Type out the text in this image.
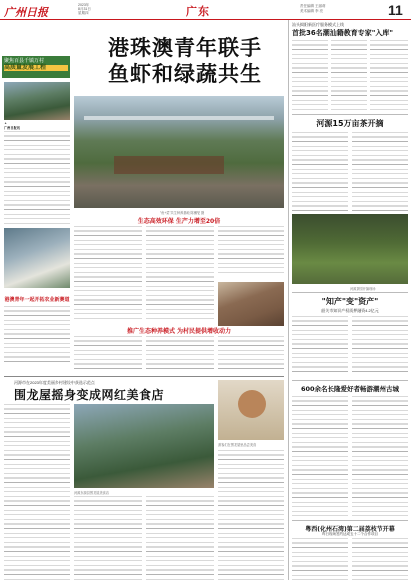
广州日报
2023年
8月31日
星期四	广东	责任编辑 王丽莉
美术编辑 李 亮	11
聚焦百县千镇万村
高质量发展工程
港珠澳青年联手
鱼虾和绿蔬共生
▲
广州日报讯
"鱼+菜"共生种养基地 陈骥旻 摄
生态高效环保 生产力增至20倍
港澳青年一起开拓农业新赛道
推广生态种养模式 为村民提供增收动力
汕头揭阳新医疗服务模式上线
首批36名潮汕籍教育专家"入库"
河源15万亩茶开摘
河源茶园开摘现场
"知产"变"资产"
韶关市知识产权质押融资4.2亿元
600余名长隆爱好者畅游潮州古城
粤西(化州石湾)第二届荔枝节开幕
昨日现场签约达成五十二个合作项目
河源市在2023年度美丽乡村建设中获选示范点
围龙屋摇身变成网红美食店
游客们在围龙屋里品尝美食
河源东源县围龙屋美食店
